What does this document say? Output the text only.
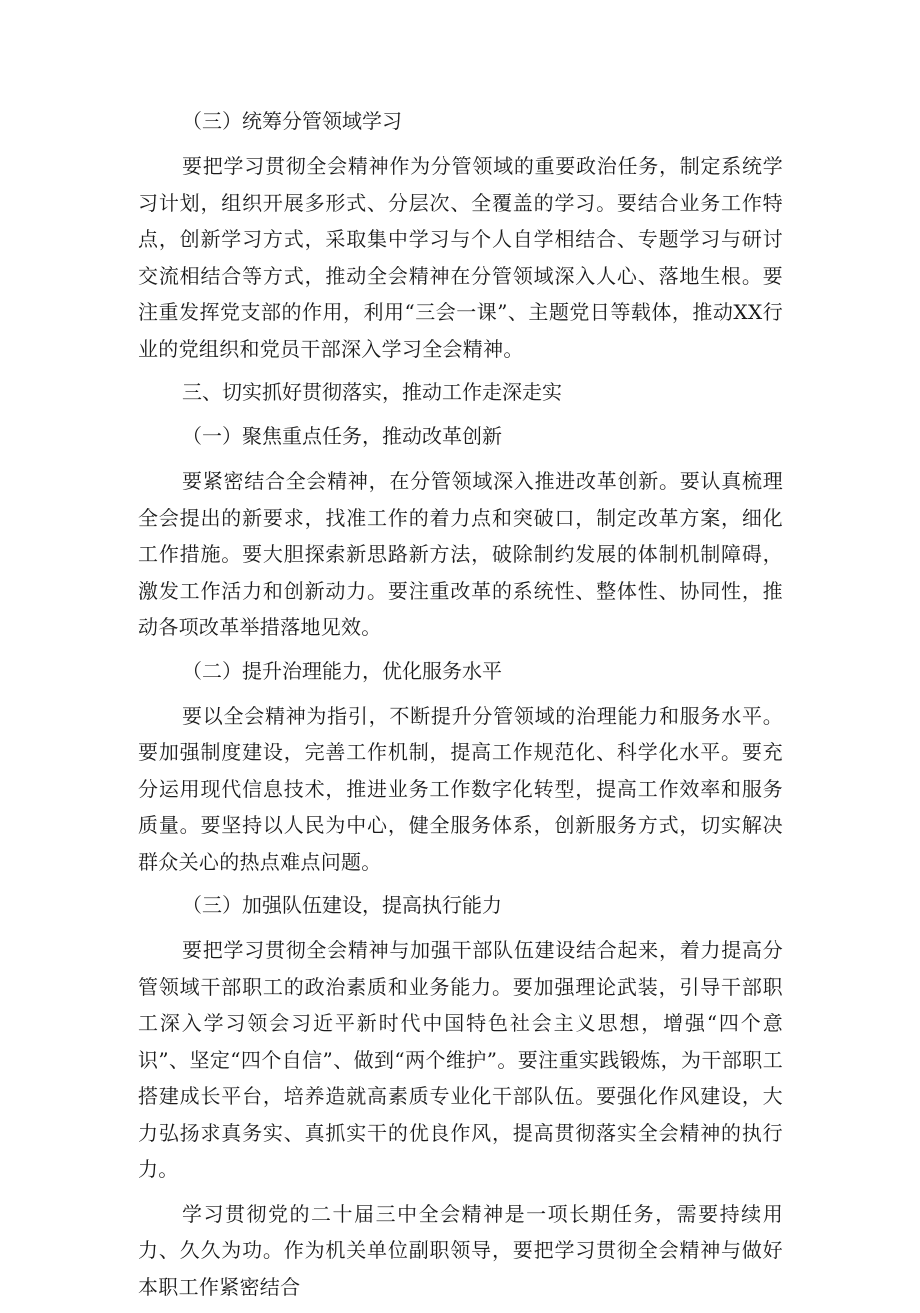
（三）统筹分管领域学习

要把学习贯彻全会精神作为分管领域的重要政治任务，制定系统学习计划，组织开展多形式、分层次、全覆盖的学习。要结合业务工作特点，创新学习方式，采取集中学习与个人自学相结合、专题学习与研讨交流相结合等方式，推动全会精神在分管领域深入人心、落地生根。要注重发挥党支部的作用，利用“三会一课”、主题党日等载体，推动XX行业的党组织和党员干部深入学习全会精神。

三、切实抓好贯彻落实，推动工作走深走实
（一）聚焦重点任务，推动改革创新

要紧密结合全会精神，在分管领域深入推进改革创新。要认真梳理全会提出的新要求，找准工作的着力点和突破口，制定改革方案，细化工作措施。要大胆探索新思路新方法，破除制约发展的体制机制障碍，激发工作活力和创新动力。要注重改革的系统性、整体性、协同性，推动各项改革举措落地见效。

（二）提升治理能力，优化服务水平

要以全会精神为指引，不断提升分管领域的治理能力和服务水平。要加强制度建设，完善工作机制，提高工作规范化、科学化水平。要充分运用现代信息技术，推进业务工作数字化转型，提高工作效率和服务质量。要坚持以人民为中心，健全服务体系，创新服务方式，切实解决群众关心的热点难点问题。

（三）加强队伍建设，提高执行能力

要把学习贯彻全会精神与加强干部队伍建设结合起来，着力提高分管领域干部职工的政治素质和业务能力。要加强理论武装，引导干部职工深入学习领会习近平新时代中国特色社会主义思想，增强“四个意识”、坚定“四个自信”、做到“两个维护”。要注重实践锻炼，为干部职工搭建成长平台，培养造就高素质专业化干部队伍。要强化作风建设，大力弘扬求真务实、真抓实干的优良作风，提高贯彻落实全会精神的执行力。

学习贯彻党的二十届三中全会精神是一项长期任务，需要持续用力、久久为功。作为机关单位副职领导，要把学习贯彻全会精神与做好本职工作紧密结合
